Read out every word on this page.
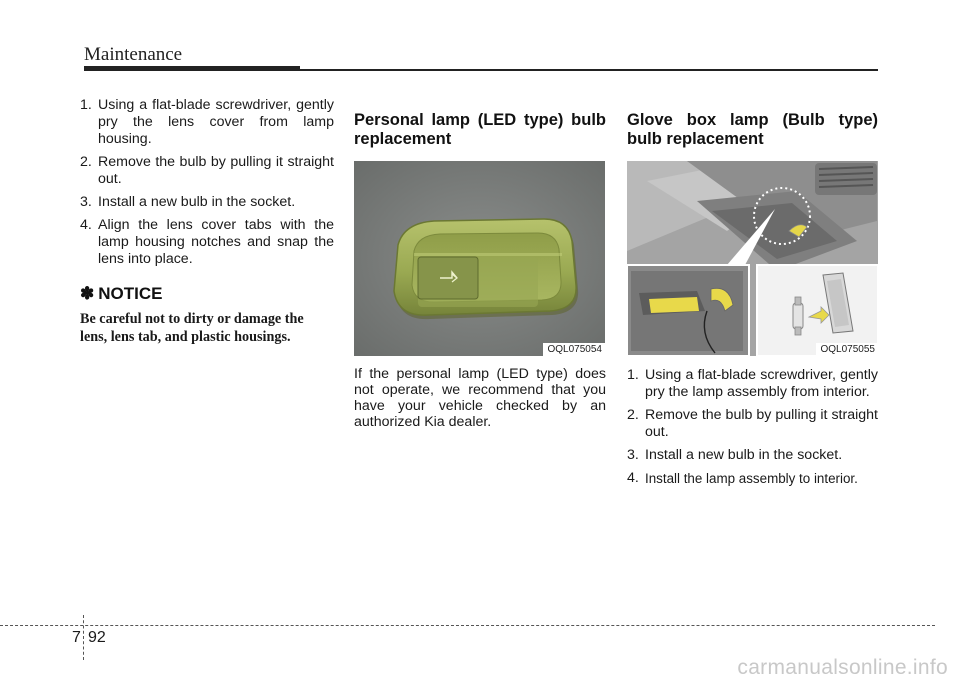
Maintenance
1. Using a flat-blade screwdriver, gently pry the lens cover from lamp housing.
2. Remove the bulb by pulling it straight out.
3. Install a new bulb in the socket.
4. Align the lens cover tabs with the lamp housing notches and snap the lens into place.
✽ NOTICE
Be careful not to dirty or damage the lens, lens tab, and plastic housings.
Personal lamp (LED type) bulb replacement
OQL075054
If the personal lamp (LED type) does not operate, we recommend that you have your vehicle checked by an authorized Kia dealer.
Glove box lamp (Bulb type) bulb replacement
OQL075055
1. Using a flat-blade screwdriver, gently pry the lamp assembly from interior.
2. Remove the bulb by pulling it straight out.
3. Install a new bulb in the socket.
4. Install the lamp assembly to interior.
7 92
carmanualsonline.info
